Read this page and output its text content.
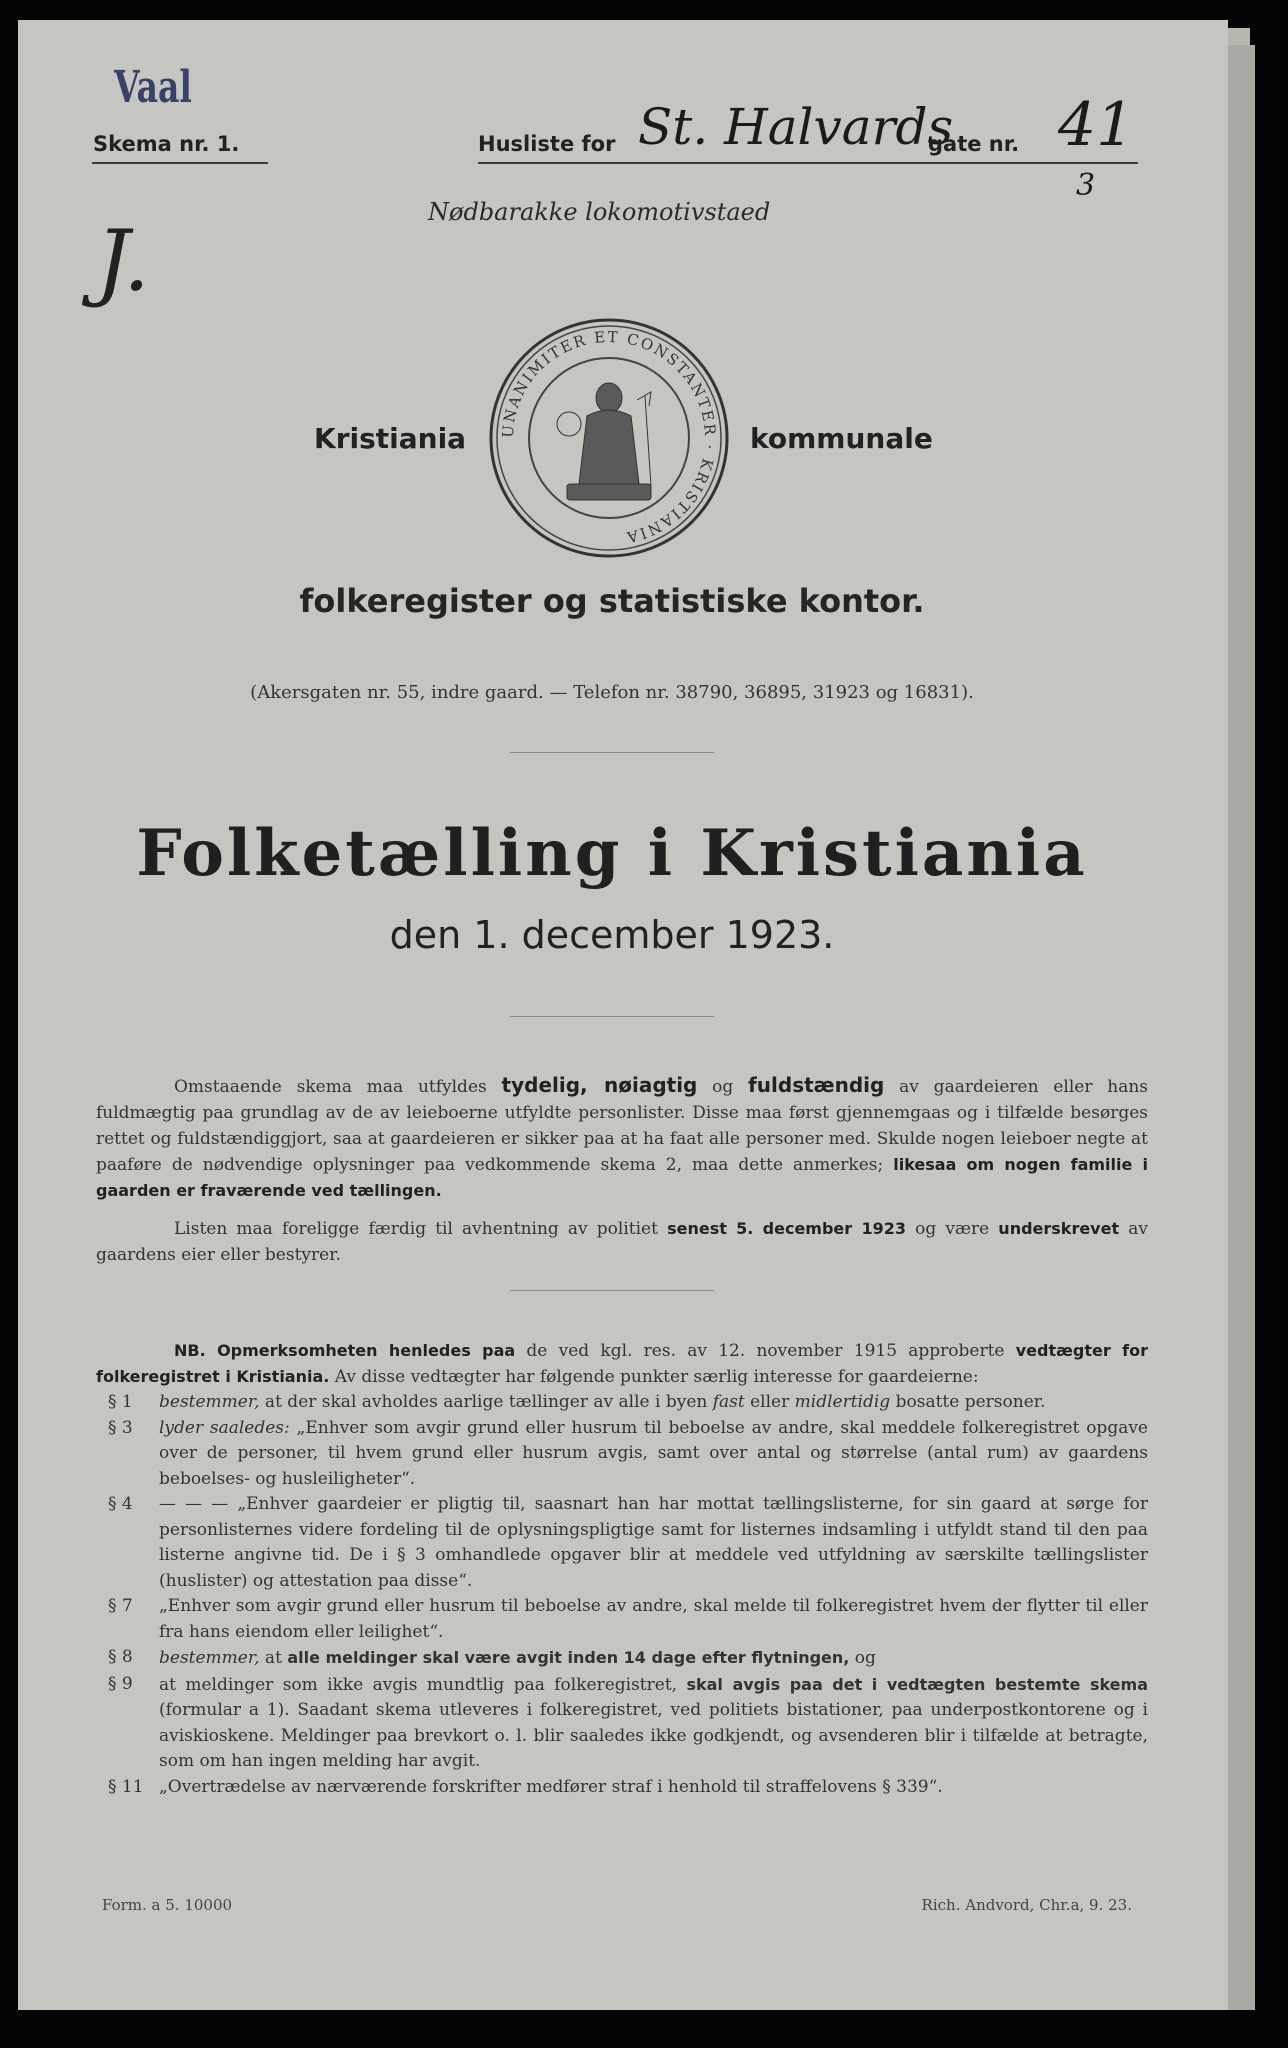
Vaal
Skema nr. 1.	Husliste for St. Halvards
gate nr. 41
3
Nødbarakke lokomotivstaed
J.
Kristiania	kommunale
UNANIMITER ET CONSTANTER · KRISTIANIA
folkeregister og statistiske kontor.
(Akersgaten nr. 55, indre gaard. — Telefon nr. 38790, 36895, 31923 og 16831).
Folketælling i Kristiania
den 1. december 1923.
Omstaaende skema maa utfyldes tydelig, nøiagtig og fuldstændig av gaardeieren eller hans fuldmægtig paa grundlag av de av leieboerne utfyldte personlister. Disse maa først gjennemgaas og i tilfælde besørges rettet og fuldstændiggjort, saa at gaardeieren er sikker paa at ha faat alle personer med. Skulde nogen leieboer negte at paaføre de nødvendige oplysninger paa vedkommende skema 2, maa dette anmerkes; likesaa om nogen familie i gaarden er fraværende ved tællingen.
Listen maa foreligge færdig til avhentning av politiet senest 5. december 1923 og være underskrevet av gaardens eier eller bestyrer.
NB. Opmerksomheten henledes paa de ved kgl. res. av 12. november 1915 approberte vedtægter for folkeregistret i Kristiania. Av disse vedtægter har følgende punkter særlig interesse for gaardeierne:
§ 1 bestemmer, at der skal avholdes aarlige tællinger av alle i byen fast eller midlertidig bosatte personer.
§ 3 lyder saaledes: „Enhver som avgir grund eller husrum til beboelse av andre, skal meddele folkeregistret opgave over de personer, til hvem grund eller husrum avgis, samt over antal og størrelse (antal rum) av gaardens beboelses- og husleiligheter“.
§ 4 — — — „Enhver gaardeier er pligtig til, saasnart han har mottat tællingslisterne, for sin gaard at sørge for personlisternes videre fordeling til de oplysningspligtige samt for listernes indsamling i utfyldt stand til den paa listerne angivne tid. De i § 3 omhandlede opgaver blir at meddele ved utfyldning av særskilte tællingslister (huslister) og attestation paa disse“.
§ 7 „Enhver som avgir grund eller husrum til beboelse av andre, skal melde til folkeregistret hvem der flytter til eller fra hans eiendom eller leilighet“.
§ 8 bestemmer, at alle meldinger skal være avgit inden 14 dage efter flytningen, og
§ 9 at meldinger som ikke avgis mundtlig paa folkeregistret, skal avgis paa det i vedtægten bestemte skema (formular a 1). Saadant skema utleveres i folkeregistret, ved politiets bistationer, paa underpostkontorene og i aviskioskene. Meldinger paa brevkort o. l. blir saaledes ikke godkjendt, og avsenderen blir i tilfælde at betragte, som om han ingen melding har avgit.
§ 11 „Overtrædelse av nærværende forskrifter medfører straf i henhold til straffelovens § 339“.
Form. a 5. 10000	Rich. Andvord, Chr.a, 9. 23.
